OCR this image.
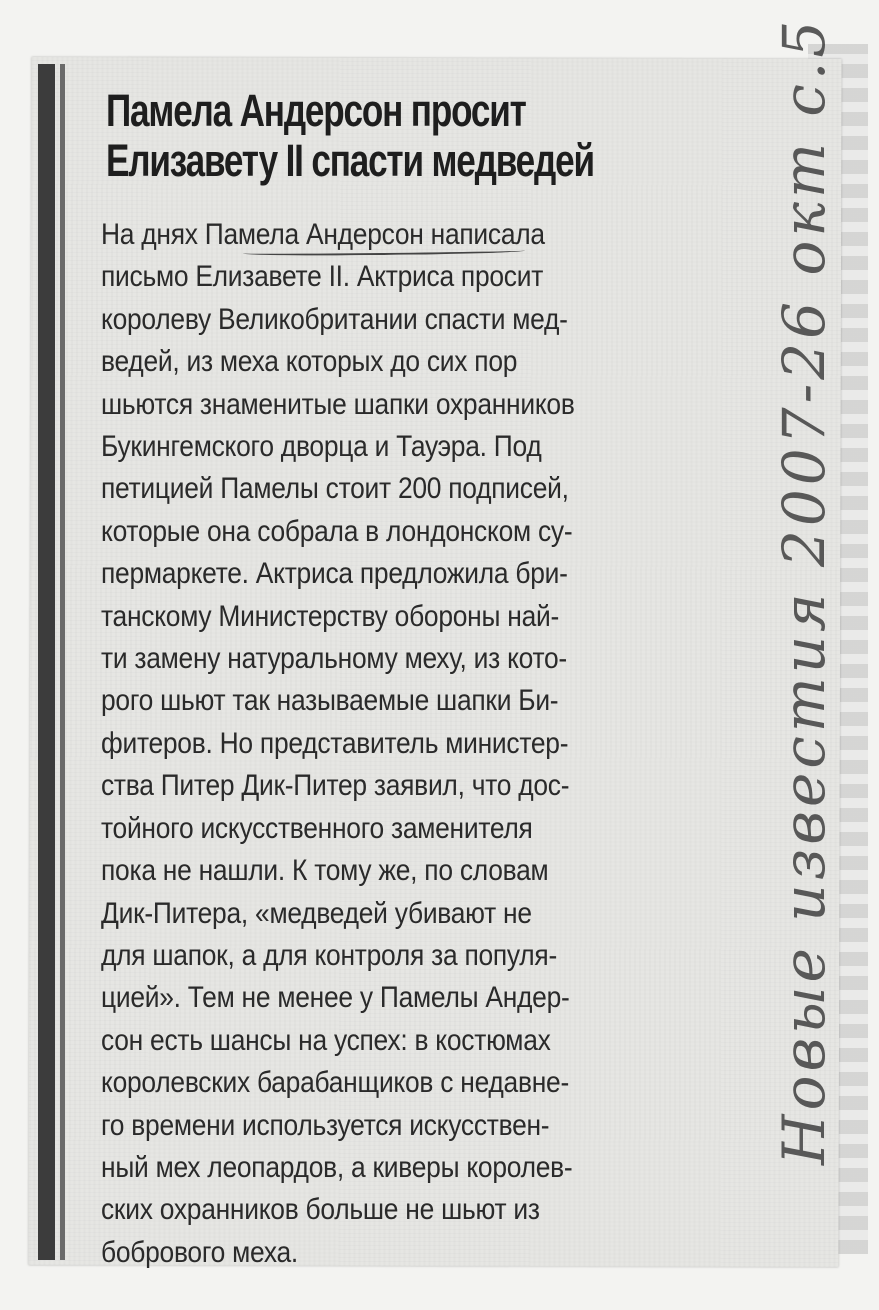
Памела Андерсон просит
Елизавету II спасти медведей
На днях Памела Андерсон написала
письмо Елизавете II. Актриса просит
королеву Великобритании спасти мед-
ведей, из меха которых до сих пор
шьются знаменитые шапки охранников
Букингемского дворца и Тауэра. Под
петицией Памелы стоит 200 подписей,
которые она собрала в лондонском су-
пермаркете. Актриса предложила бри-
танскому Министерству обороны най-
ти замену натуральному меху, из кото-
рого шьют так называемые шапки Би-
фитеров. Но представитель министер-
ства Питер Дик-Питер заявил, что дос-
тойного искусственного заменителя
пока не нашли. К тому же, по словам
Дик-Питера, «медведей убивают не
для шапок, а для контроля за популя-
цией». Тем не менее у Памелы Андер-
сон есть шансы на успех: в костюмах
королевских барабанщиков с недавне-
го времени используется искусствен-
ный мех леопардов, а киверы королев-
ских охранников больше не шьют из
бобрового меха.
Новые известия 2007-26 окт с.5
